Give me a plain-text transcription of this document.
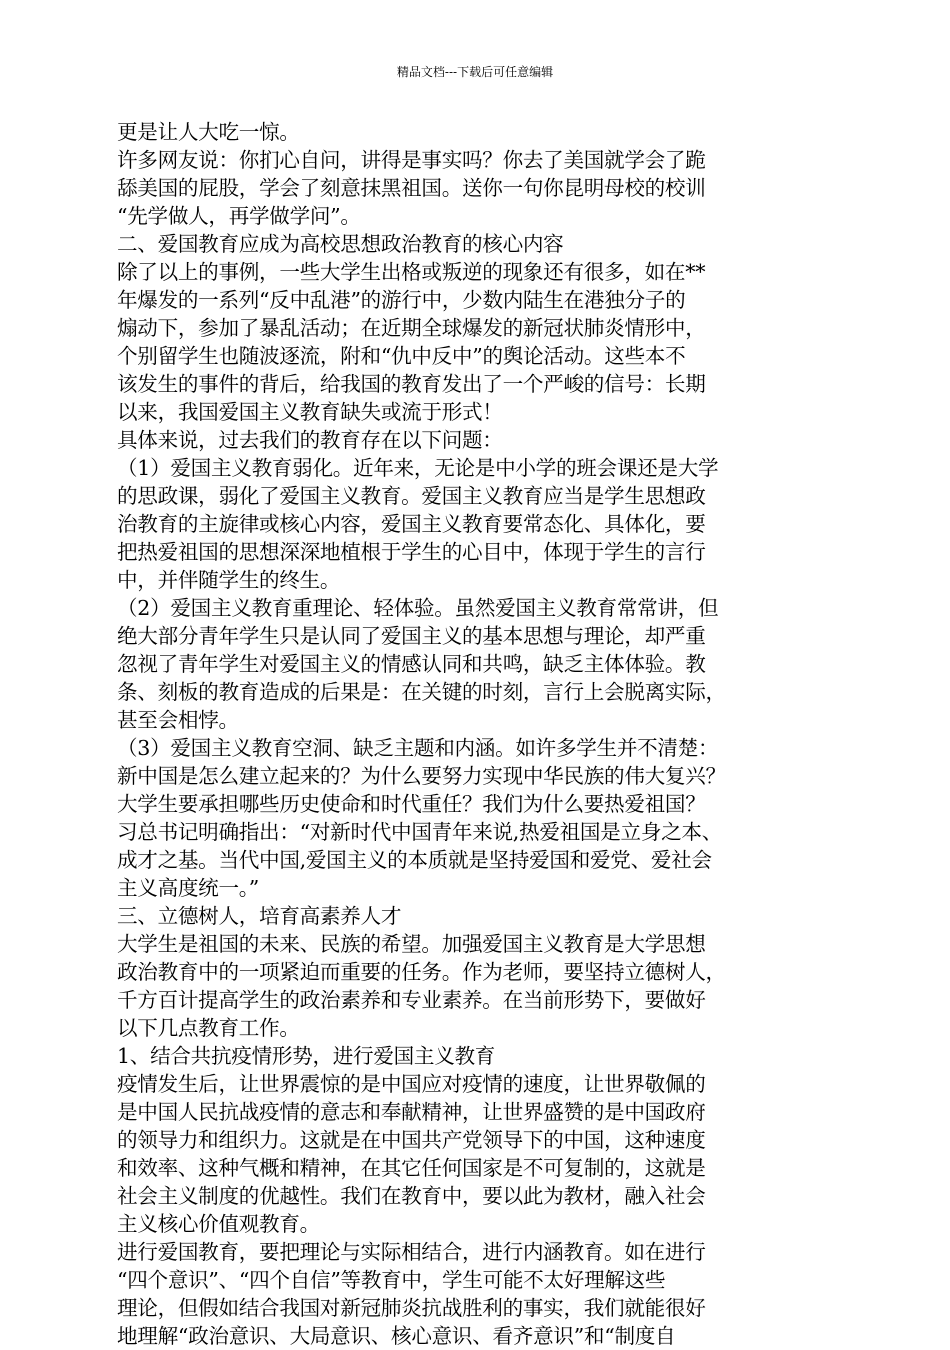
精品文档---下载后可任意编辑
更是让人大吃一惊。
许多网友说：你扪心自问，讲得是事实吗？你去了美国就学会了跪
舔美国的屁股，学会了刻意抹黑祖国。送你一句你昆明母校的校训
“先学做人，再学做学问”。
二、爱国教育应成为高校思想政治教育的核心内容
除了以上的事例，一些大学生出格或叛逆的现象还有很多，如在**
年爆发的一系列“反中乱港”的游行中，少数内陆生在港独分子的
煽动下，参加了暴乱活动；在近期全球爆发的新冠状肺炎情形中，
个别留学生也随波逐流，附和“仇中反中”的舆论活动。这些本不
该发生的事件的背后，给我国的教育发出了一个严峻的信号：长期
以来，我国爱国主义教育缺失或流于形式！
具体来说，过去我们的教育存在以下问题：
（1）爱国主义教育弱化。近年来，无论是中小学的班会课还是大学
的思政课，弱化了爱国主义教育。爱国主义教育应当是学生思想政
治教育的主旋律或核心内容，爱国主义教育要常态化、具体化，要
把热爱祖国的思想深深地植根于学生的心目中，体现于学生的言行
中，并伴随学生的终生。
（2）爱国主义教育重理论、轻体验。虽然爱国主义教育常常讲，但
绝大部分青年学生只是认同了爱国主义的基本思想与理论，却严重
忽视了青年学生对爱国主义的情感认同和共鸣，缺乏主体体验。教
条、刻板的教育造成的后果是：在关键的时刻，言行上会脱离实际，
甚至会相悖。
（3）爱国主义教育空洞、缺乏主题和内涵。如许多学生并不清楚：
新中国是怎么建立起来的？为什么要努力实现中华民族的伟大复兴？
大学生要承担哪些历史使命和时代重任？我们为什么要热爱祖国？
习总书记明确指出：“对新时代中国青年来说,热爱祖国是立身之本、
成才之基。当代中国,爱国主义的本质就是坚持爱国和爱党、爱社会
主义高度统一。”
三、立德树人，培育高素养人才
大学生是祖国的未来、民族的希望。加强爱国主义教育是大学思想
政治教育中的一项紧迫而重要的任务。作为老师，要坚持立德树人，
千方百计提高学生的政治素养和专业素养。在当前形势下，要做好
以下几点教育工作。
1、结合共抗疫情形势，进行爱国主义教育
疫情发生后，让世界震惊的是中国应对疫情的速度，让世界敬佩的
是中国人民抗战疫情的意志和奉献精神，让世界盛赞的是中国政府
的领导力和组织力。这就是在中国共产党领导下的中国，这种速度
和效率、这种气概和精神，在其它任何国家是不可复制的，这就是
社会主义制度的优越性。我们在教育中，要以此为教材，融入社会
主义核心价值观教育。
进行爱国教育，要把理论与实际相结合，进行内涵教育。如在进行
“四个意识”、“四个自信”等教育中，学生可能不太好理解这些
理论，但假如结合我国对新冠肺炎抗战胜利的事实，我们就能很好
地理解“政治意识、大局意识、核心意识、看齐意识”和“制度自
